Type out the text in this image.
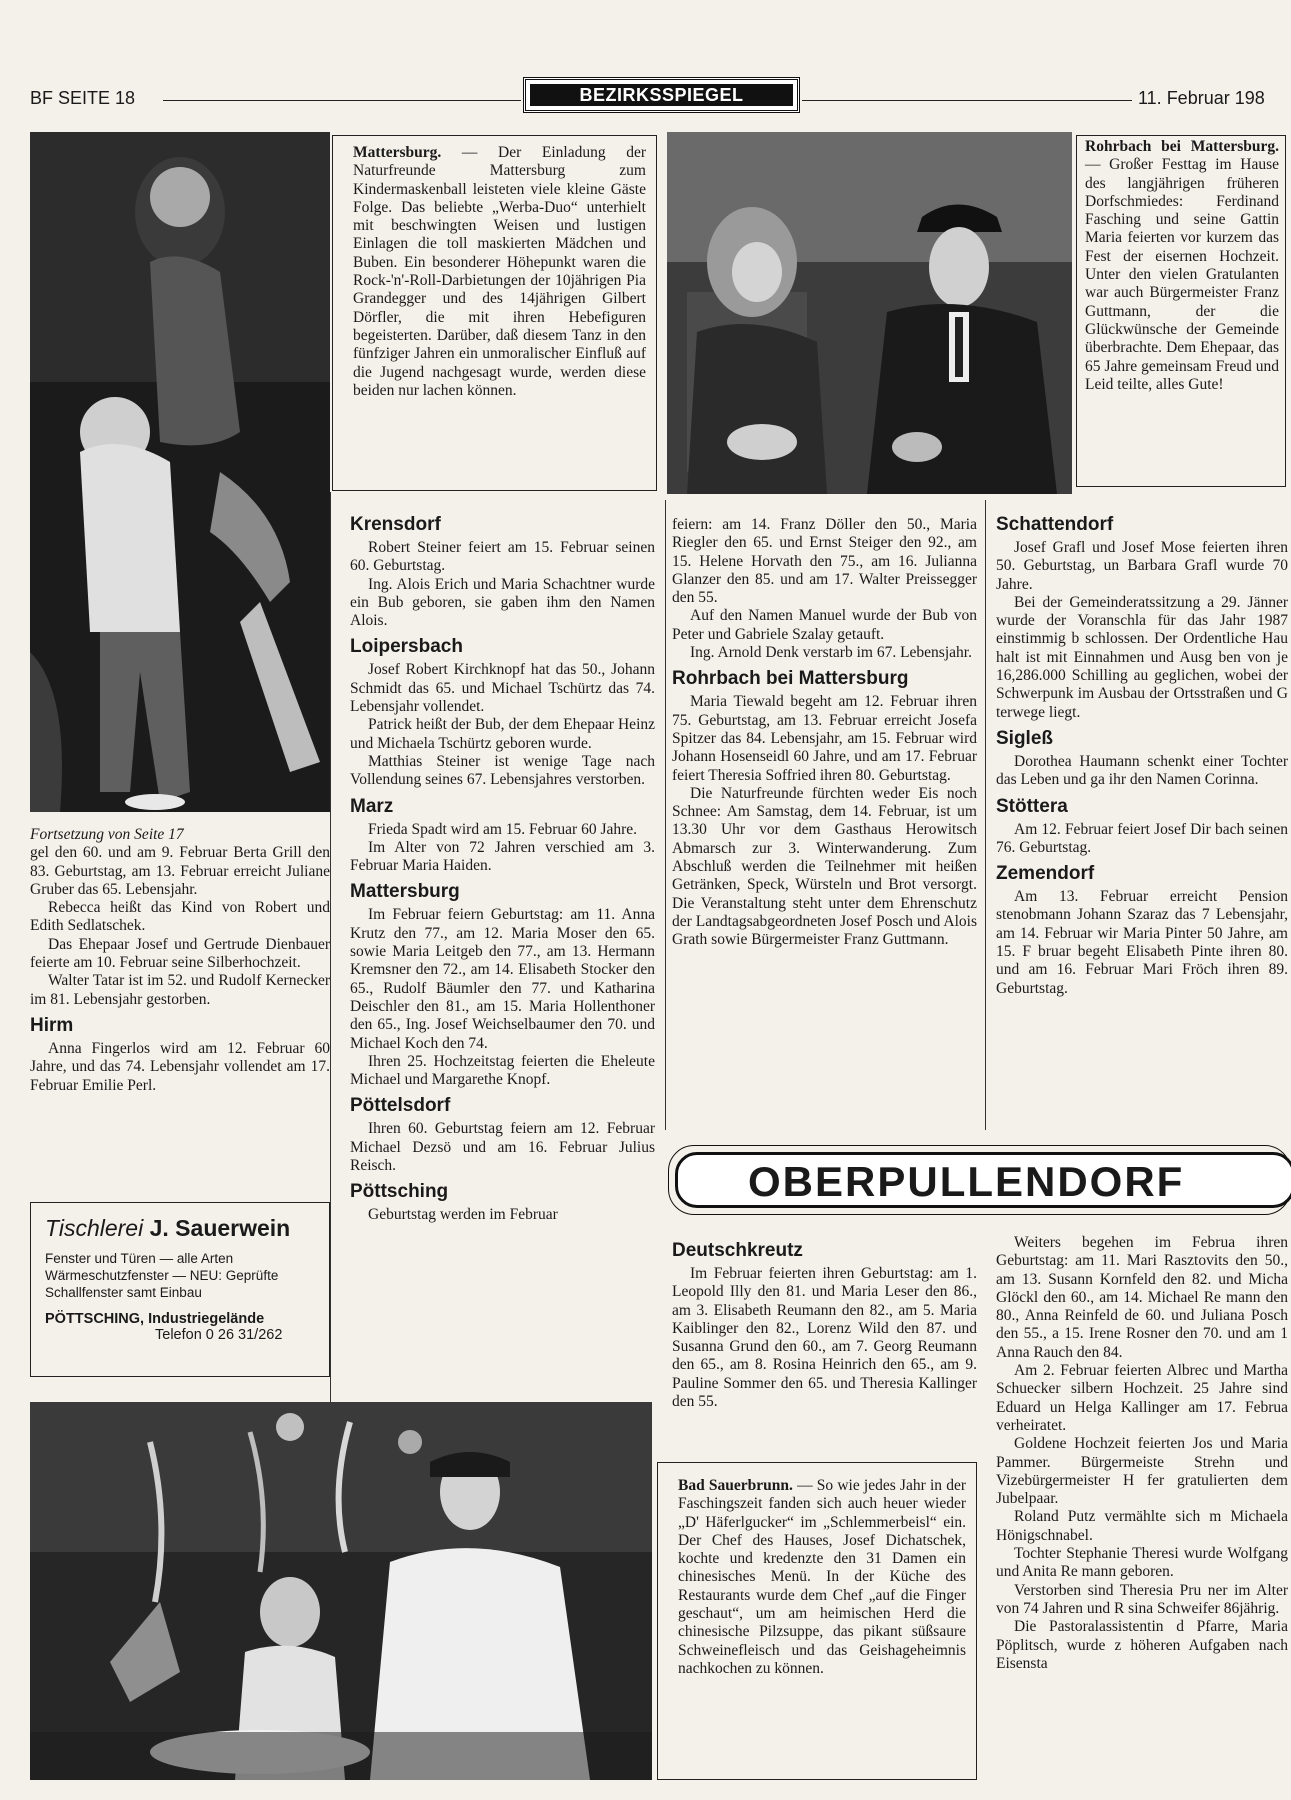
BF SEITE 18	BEZIRKSSPIEGEL	11. Februar 198

Mattersburg. — Der Einladung der Naturfreunde Mattersburg zum Kindermaskenball leisteten viele kleine Gäste Folge. Das beliebte „Werba-Duo“ unterhielt mit beschwingten Weisen und lustigen Einlagen die toll maskierten Mädchen und Buben. Ein besonderer Höhepunkt waren die Rock-'n'-Roll-Darbietungen der 10jährigen Pia Grandegger und des 14jährigen Gilbert Dörfler, die mit ihren Hebefiguren begeisterten. Darüber, daß diesem Tanz in den fünfziger Jahren ein unmoralischer Einfluß auf die Jugend nachgesagt wurde, werden diese beiden nur lachen können.

Fortsetzung von Seite 17

gel den 60. und am 9. Februar Berta Grill den 83. Geburtstag, am 13. Februar erreicht Juliane Gruber das 65. Lebensjahr.

Rebecca heißt das Kind von Robert und Edith Sedlatschek.

Das Ehepaar Josef und Gertrude Dienbauer feierte am 10. Februar seine Silberhochzeit.

Walter Tatar ist im 52. und Rudolf Kernecker im 81. Lebensjahr gestorben.

Hirm

Anna Fingerlos wird am 12. Februar 60 Jahre, und das 74. Lebensjahr vollendet am 17. Februar Emilie Perl.

Tischlerei J. Sauerwein
Fenster und Türen — alle Arten Wärmeschutzfenster — NEU: Geprüfte Schallfenster samt Einbau
PÖTTSCHING, Industriegelände
Telefon 0 26 31/262
Krensdorf

Robert Steiner feiert am 15. Februar seinen 60. Geburtstag.

Ing. Alois Erich und Maria Schachtner wurde ein Bub geboren, sie gaben ihm den Namen Alois.

Loipersbach

Josef Robert Kirchknopf hat das 50., Johann Schmidt das 65. und Michael Tschürtz das 74. Lebensjahr vollendet.

Patrick heißt der Bub, der dem Ehepaar Heinz und Michaela Tschürtz geboren wurde.

Matthias Steiner ist wenige Tage nach Vollendung seines 67. Lebensjahres verstorben.

Marz

Frieda Spadt wird am 15. Februar 60 Jahre.

Im Alter von 72 Jahren verschied am 3. Februar Maria Haiden.

Mattersburg

Im Februar feiern Geburtstag: am 11. Anna Krutz den 77., am 12. Maria Moser den 65. sowie Maria Leitgeb den 77., am 13. Hermann Kremsner den 72., am 14. Elisabeth Stocker den 65., Rudolf Bäumler den 77. und Katharina Deischler den 81., am 15. Maria Hollenthoner den 65., Ing. Josef Weichselbaumer den 70. und Michael Koch den 74.

Ihren 25. Hochzeitstag feierten die Eheleute Michael und Margarethe Knopf.

Pöttelsdorf

Ihren 60. Geburtstag feiern am 12. Februar Michael Dezsö und am 16. Februar Julius Reisch.

Pöttsching

Geburtstag werden im Februar

Rohrbach bei Mattersburg. — Großer Festtag im Hause des langjährigen früheren Dorfschmiedes: Ferdinand Fasching und seine Gattin Maria feierten vor kurzem das Fest der eisernen Hochzeit. Unter den vielen Gratulanten war auch Bürgermeister Franz Guttmann, der die Glückwünsche der Gemeinde überbrachte. Dem Ehepaar, das 65 Jahre gemeinsam Freud und Leid teilte, alles Gute!

feiern: am 14. Franz Döller den 50., Maria Riegler den 65. und Ernst Steiger den 92., am 15. Helene Horvath den 75., am 16. Julianna Glanzer den 85. und am 17. Walter Preissegger den 55.

Auf den Namen Manuel wurde der Bub von Peter und Gabriele Szalay getauft.

Ing. Arnold Denk verstarb im 67. Lebensjahr.

Rohrbach bei Mattersburg

Maria Tiewald begeht am 12. Februar ihren 75. Geburtstag, am 13. Februar erreicht Josefa Spitzer das 84. Lebensjahr, am 15. Februar wird Johann Hosenseidl 60 Jahre, und am 17. Februar feiert Theresia Soffried ihren 80. Geburtstag.

Die Naturfreunde fürchten weder Eis noch Schnee: Am Samstag, dem 14. Februar, ist um 13.30 Uhr vor dem Gasthaus Herowitsch Abmarsch zur 3. Winterwanderung. Zum Abschluß werden die Teilnehmer mit heißen Getränken, Speck, Würsteln und Brot versorgt. Die Veranstaltung steht unter dem Ehrenschutz der Landtagsabgeordneten Josef Posch und Alois Grath sowie Bürgermeister Franz Guttmann.

Schattendorf

Josef Grafl und Josef Mose feierten ihren 50. Geburtstag, un Barbara Grafl wurde 70 Jahre.

Bei der Gemeinderatssitzung a 29. Jänner wurde der Voranschla für das Jahr 1987 einstimmig b schlossen. Der Ordentliche Hau halt ist mit Einnahmen und Ausg ben von je 16,286.000 Schilling au geglichen, wobei der Schwerpunk im Ausbau der Ortsstraßen und G terwege liegt.

Sigleß

Dorothea Haumann schenkt einer Tochter das Leben und ga ihr den Namen Corinna.

Stöttera

Am 12. Februar feiert Josef Dir bach seinen 76. Geburtstag.

Zemendorf

Am 13. Februar erreicht Pension stenobmann Johann Szaraz das 7 Lebensjahr, am 14. Februar wir Maria Pinter 50 Jahre, am 15. F bruar begeht Elisabeth Pinte ihren 80. und am 16. Februar Mari Fröch ihren 89. Geburtstag.

OBERPULLENDORF
Deutschkreutz

Im Februar feierten ihren Geburtstag: am 1. Leopold Illy den 81. und Maria Leser den 86., am 3. Elisabeth Reumann den 82., am 5. Maria Kaiblinger den 82., Lorenz Wild den 87. und Susanna Grund den 60., am 7. Georg Reumann den 65., am 8. Rosina Heinrich den 65., am 9. Pauline Sommer den 65. und Theresia Kallinger den 55.

Bad Sauerbrunn. — So wie jedes Jahr in der Faschingszeit fanden sich auch heuer wieder „D' Häferlgucker“ im „Schlemmerbeisl“ ein. Der Chef des Hauses, Josef Dichatschek, kochte und kredenzte den 31 Damen ein chinesisches Menü. In der Küche des Restaurants wurde dem Chef „auf die Finger geschaut“, um am heimischen Herd die chinesische Pilzsuppe, das pikant süßsaure Schweinefleisch und das Geishageheimnis nachkochen zu können.

Weiters begehen im Februa ihren Geburtstag: am 11. Mari Rasztovits den 50., am 13. Susann Kornfeld den 82. und Micha Glöckl den 60., am 14. Michael Re mann den 80., Anna Reinfeld de 60. und Juliana Posch den 55., a 15. Irene Rosner den 70. und am 1 Anna Rauch den 84.

Am 2. Februar feierten Albrec und Martha Schuecker silbern Hochzeit. 25 Jahre sind Eduard un Helga Kallinger am 17. Februa verheiratet.

Goldene Hochzeit feierten Jos und Maria Pammer. Bürgermeiste Strehn und Vizebürgermeister H fer gratulierten dem Jubelpaar.

Roland Putz vermählte sich m Michaela Hönigschnabel.

Tochter Stephanie Theresi wurde Wolfgang und Anita Re mann geboren.

Verstorben sind Theresia Pru ner im Alter von 74 Jahren und R sina Schweifer 86jährig.

Die Pastoralassistentin d Pfarre, Maria Pöplitsch, wurde z höheren Aufgaben nach Eisensta
